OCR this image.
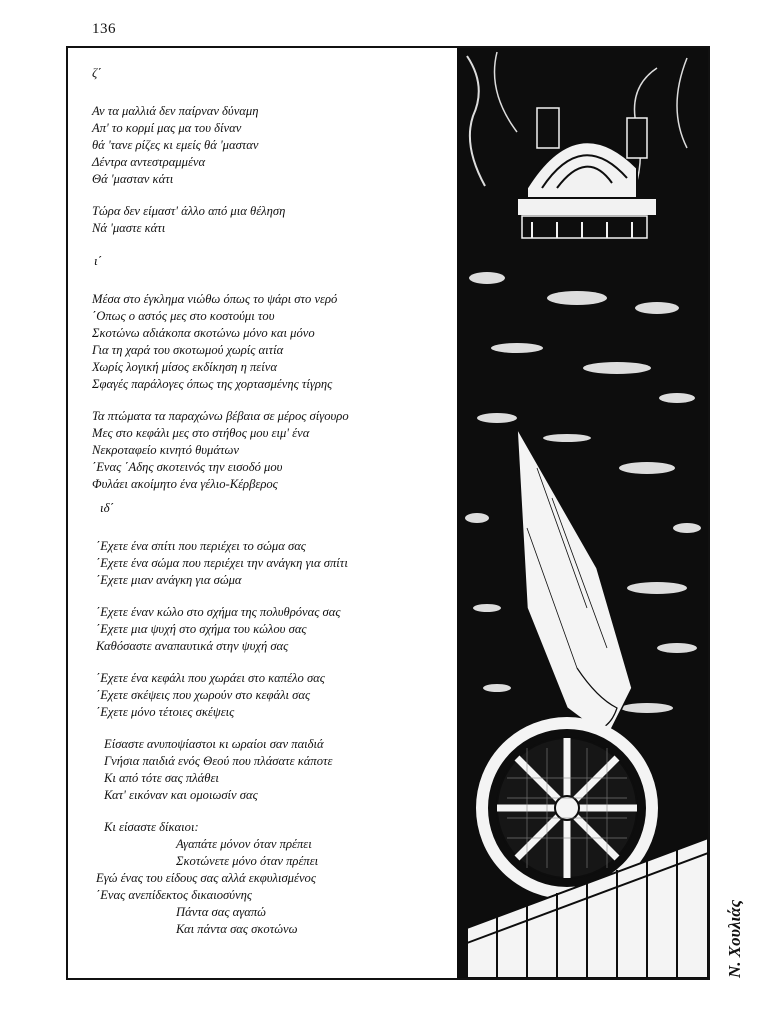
136
ζ΄
Αν τα μαλλιά δεν παίρναν δύναμη
Απ' το κορμί μας μα του δίναν
θά 'τανε ρίζες κι εμείς θά 'μασταν
Δέντρα αντεστραμμένα
Θά 'μασταν κάτι
Τώρα δεν είμαστ' άλλο από μια θέληση
Νά 'μαστε κάτι
ι΄
Μέσα στο έγκλημα νιώθω όπως το ψάρι στο νερό
΄Οπως ο αστός μες στο κοστούμι του
Σκοτώνω αδιάκοπα σκοτώνω μόνο και μόνο
Για τη χαρά του σκοτωμού χωρίς αιτία
Χωρίς λογική μίσος εκδίκηση η πείνα
Σφαγές παράλογες όπως της χορτασμένης τίγρης
Τα πτώματα τα παραχώνω βέβαια σε μέρος σίγουρο
Μες στο κεφάλι μες στο στήθος μου ειμ' ένα
Νεκροταφείο κινητό θυμάτων
΄Ενας ΄Αδης σκοτεινός την εισοδό μου
Φυλάει ακοίμητο ένα γέλιο-Κέρβερος
ιδ΄
΄Εχετε ένα σπίτι που περιέχει το σώμα σας
΄Εχετε ένα σώμα που περιέχει την ανάγκη για σπίτι
΄Εχετε μιαν ανάγκη για σώμα
΄Εχετε έναν κώλο στο σχήμα της πολυθρόνας σας
΄Εχετε μια ψυχή στο σχήμα του κώλου σας
Καθόσαστε αναπαυτικά στην ψυχή σας
΄Εχετε ένα κεφάλι που χωράει στο καπέλο σας
΄Εχετε σκέψεις που χωρούν στο κεφάλι σας
΄Εχετε μόνο τέτοιες σκέψεις
Είσαστε ανυποψίαστοι κι ωραίοι σαν παιδιά
Γνήσια παιδιά ενός Θεού που πλάσατε κάποτε
Κι από τότε σας πλάθει
Κατ' εικόναν και ομοιωσίν σας
Κι είσαστε δίκαιοι:
Αγαπάτε μόνον όταν πρέπει
Σκοτώνετε μόνο όταν πρέπει
Εγώ ένας του είδους σας αλλά εκφυλισμένος
΄Ενας ανεπίδεκτος δικαιοσύνης
Πάντα σας αγαπώ
Και πάντα σας σκοτώνω	Ν. Χουλιάς
